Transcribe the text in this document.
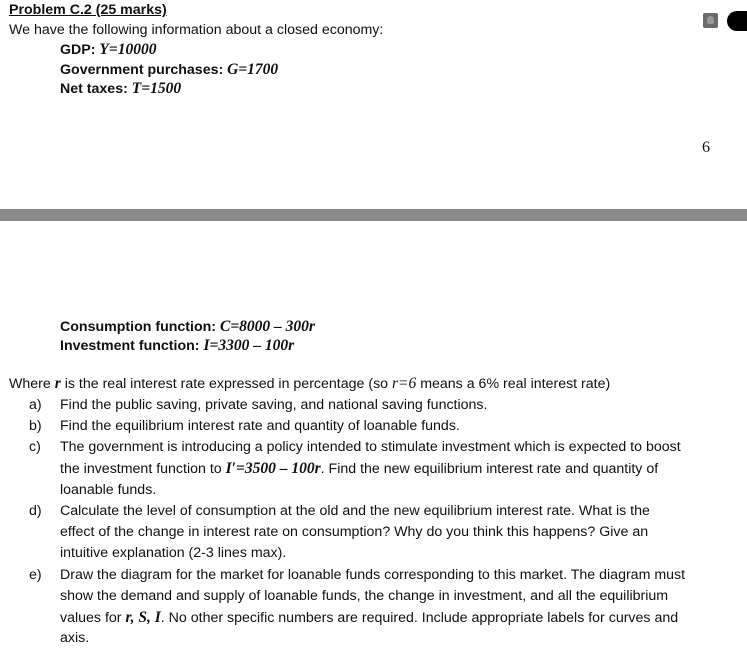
Problem C.2 (25 marks)
We have the following information about a closed economy:
GDP: Y=10000
Government purchases: G=1700
Net taxes: T=1500
6
Consumption function: C=8000 – 300r
Investment function: I=3300 – 100r
Where r is the real interest rate expressed in percentage (so r=6 means a 6% real interest rate)
a) Find the public saving, private saving, and national saving functions.
b) Find the equilibrium interest rate and quantity of loanable funds.
c) The government is introducing a policy intended to stimulate investment which is expected to boost
the investment function to I′=3500 – 100r. Find the new equilibrium interest rate and quantity of
loanable funds.
d) Calculate the level of consumption at the old and the new equilibrium interest rate. What is the
effect of the change in interest rate on consumption? Why do you think this happens? Give an
intuitive explanation (2-3 lines max).
e) Draw the diagram for the market for loanable funds corresponding to this market. The diagram must
show the demand and supply of loanable funds, the change in investment, and all the equilibrium
values for r, S, I. No other specific numbers are required. Include appropriate labels for curves and
axis.
